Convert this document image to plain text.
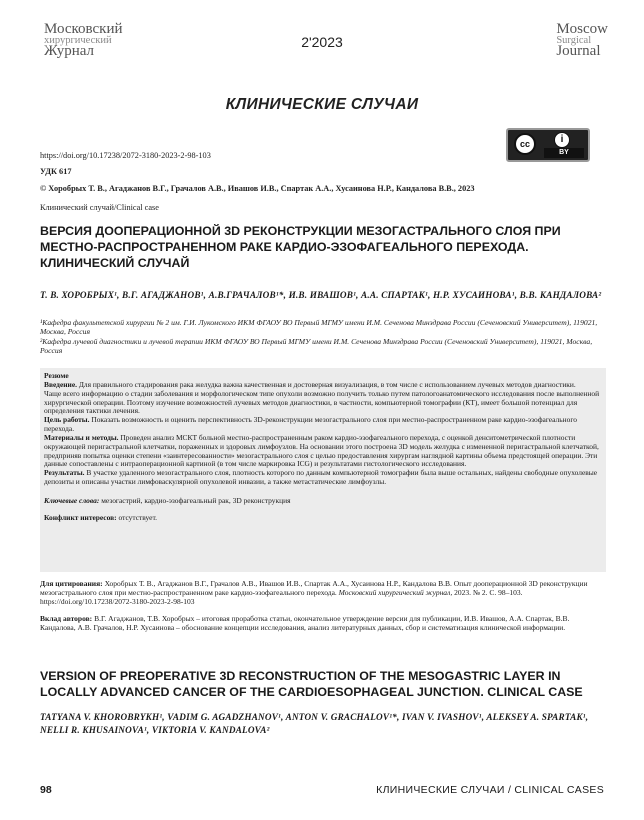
Московский
хирургический
Журнал
2'2023
Moscow
Surgical
Journal
КЛИНИЧЕСКИЕ СЛУЧАИ
cc	i
BY
https://doi.org/10.17238/2072-3180-2023-2-98-103
УДК 617
© Хоробрых Т. В., Агаджанов В.Г., Грачалов А.В., Ивашов И.В., Спартак А.А., Хусаинова Н.Р., Кандалова В.В., 2023
Клинический случай/Clinical case
ВЕРСИЯ ДООПЕРАЦИОННОЙ 3D РЕКОНСТРУКЦИИ МЕЗОГАСТРАЛЬНОГО СЛОЯ ПРИ МЕСТНО-РАСПРОСТРАНЕННОМ РАКЕ КАРДИО-ЭЗОФАГЕАЛЬНОГО ПЕРЕХОДА. КЛИНИЧЕСКИЙ СЛУЧАЙ
Т. В. ХОРОБРЫХ¹, В.Г. АГАДЖАНОВ¹, А.В.ГРАЧАЛОВ¹*, И.В. ИВАШОВ¹, А.А. СПАРТАК¹, Н.Р. ХУСАИНОВА¹, В.В. КАНДАЛОВА²
¹Кафедра факультетской хирургии № 2 им. Г.И. Лукомского ИКМ ФГАОУ ВО Первый МГМУ имени И.М. Сеченова Минздрава России (Сеченовский Университет), 119021, Москва, Россия
²Кафедра лучевой диагностики и лучевой терапии ИКМ ФГАОУ ВО Первый МГМУ имени И.М. Сеченова Минздрава России (Сеченовский Университет), 119021, Москва, Россия

Резюме

Введение. Для правильного стадирования рака желудка важна качественная и достоверная визуализация, в том числе с использованием лучевых методов диагностики.

Чаще всего информацию о стадии заболевания и морфологическом типе опухоли возможно получить только путем патологоанатомического исследования после выполненной хирургической операции. Поэтому изучение возможностей лучевых методов диагностики, в частности, компьютерной томографии (КТ), имеет большой потенциал для определения тактики лечения.

Цель работы. Показать возможность и оценить перспективность 3D-реконструкции мезогастрального слоя при местно-распространенном раке кардио-эзофагеального перехода.

Материалы и методы. Проведен анализ МСКТ больной местно-распространенным раком кардио-эзофагеального перехода, с оценкой денситометрической плотности окружающей перигастральной клетчатки, пораженных и здоровых лимфоузлов. На основании этого построена 3D модель желудка с измененной перигастральной клетчаткой, предприняв попытка оценки степени «заинтересованности» мезогастрального слоя с целью предоставления хирургам наглядной картины объема предстоящей операции. Эти данные сопоставлены с интраоперационной картиной (в том числе маркировка ICG) и результатами гистологического исследования.

Результаты. В участке удаленного мезогастрального слоя, плотность которого по данным компьютерной томографии была выше остальных, найдены свободные опухолевые депозиты и описаны участки лимфоваскулярной опухолевой инвазии, а также метастатические лимфоузлы.

Ключевые слова: мезогастрий, кардио-эзофагеальный рак, 3D реконструкция

Конфликт интересов: отсутствует.

Для цитирования: Хоробрых Т. В., Агаджанов В.Г., Грачалов А.В., Ивашов И.В., Спартак А.А., Хусаинова Н.Р., Кандалова В.В. Опыт дооперационной 3D реконструкции мезогастрального слоя при местно-распространенном раке кардио-эзофагеального перехода. Московский хирургический журнал, 2023. № 2. С. 98–103. https://doi.org/10.17238/2072-3180-2023-2-98-103
Вклад авторов: В.Г. Агаджанов, Т.В. Хоробрых – итоговая проработка статьи, окончательное утверждение версии для публикации, И.В. Ивашов, А.А. Спартак, В.В. Кандалова, А.В. Грачалов, Н.Р. Хусаинова – обоснование концепции исследования, анализ литературных данных, сбор и систематизация клинической информации.
VERSION OF PREOPERATIVE 3D RECONSTRUCTION OF THE MESOGASTRIC LAYER IN LOCALLY ADVANCED CANCER OF THE CARDIOESOPHAGEAL JUNCTION. CLINICAL CASE
TATYANA V. KHOROBRYKH¹, VADIM G. AGADZHANOV¹, ANTON V. GRACHALOV¹*, IVAN V. IVASHOV¹, ALEKSEY A. SPARTAK¹, NELLI R. KHUSAINOVA¹, VIKTORIA V. KANDALOVA²
98	КЛИНИЧЕСКИЕ СЛУЧАИ / CLINICAL CASES
